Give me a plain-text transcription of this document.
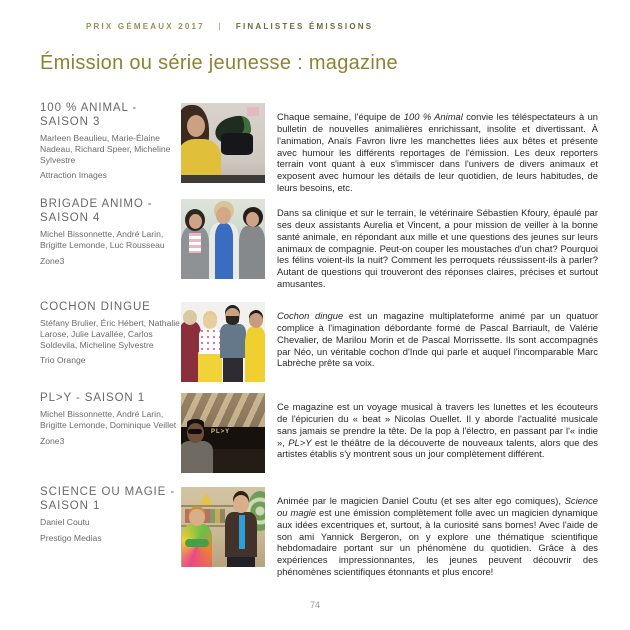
PRIX GÉMEAUX 2017 | FINALISTES ÉMISSIONS
Émission ou série jeunesse : magazine
100 % ANIMAL - SAISON 3

Marleen Beaulieu, Marie-Élaine Nadeau, Richard Speer, Micheline Sylvestre

Attraction Images

Chaque semaine, l'équipe de 100 % Animal convie les téléspectateurs à un bulletin de nouvelles animalières enrichissant, insolite et divertissant. À l'animation, Anaïs Favron livre les manchettes liées aux bêtes et présente avec humour les différents reportages de l'émission. Les deux reporters terrain vont quant à eux s'immiscer dans l'univers de divers animaux et exposent avec humour les détails de leur quotidien, de leurs habitudes, de leurs besoins, etc.

BRIGADE ANIMO - SAISON 4

Michel Bissonnette, André Larin, Brigitte Lemonde, Luc Rousseau

Zone3

Dans sa clinique et sur le terrain, le vétérinaire Sébastien Kfoury, épaulé par ses deux assistants Aurelia et Vincent, a pour mission de veiller à la bonne santé animale, en répondant aux mille et une questions des jeunes sur leurs animaux de compagnie. Peut-on couper les moustaches d'un chat? Pourquoi les félins voient-ils la nuit? Comment les perroquets réussissent-ils à parler? Autant de questions qui trouveront des réponses claires, précises et surtout amusantes.

COCHON DINGUE

Stéfany Brulier, Éric Hébert, Nathalie Larose, Julie Lavallée, Carlos Soldevila, Micheline Sylvestre

Trio Orange

Cochon dingue est un magazine multiplateforme animé par un quatuor complice à l'imagination débordante formé de Pascal Barriault, de Valérie Chevalier, de Marilou Morin et de Pascal Morrissette. Ils sont accompagnés par Néo, un véritable cochon d'Inde qui parle et auquel l'incomparable Marc Labrèche prête sa voix.

PL>Y - SAISON 1

Michel Bissonnette, André Larin, Brigitte Lemonde, Dominique Veillet

Zone3

PL>Y

Ce magazine est un voyage musical à travers les lunettes et les écouteurs de l'épicurien du « beat » Nicolas Ouellet. Il y aborde l'actualité musicale sans jamais se prendre la tête. De la pop à l'électro, en passant par l'« indie », PL>Y est le théâtre de la découverte de nouveaux talents, alors que des artistes établis s'y montrent sous un jour complètement différent.

SCIENCE OU MAGIE - SAISON 1

Daniel Coutu

Prestigo Medias

Animée par le magicien Daniel Coutu (et ses alter ego comiques), Science ou magie est une émission complètement folle avec un magicien dynamique aux idées excentriques et, surtout, à la curiosité sans bornes! Avec l'aide de son ami Yannick Bergeron, on y explore une thématique scientifique hebdomadaire portant sur un phénomène du quotidien. Grâce à des expériences impressionnantes, les jeunes peuvent découvrir des phénomènes scientifiques étonnants et plus encore!

74
